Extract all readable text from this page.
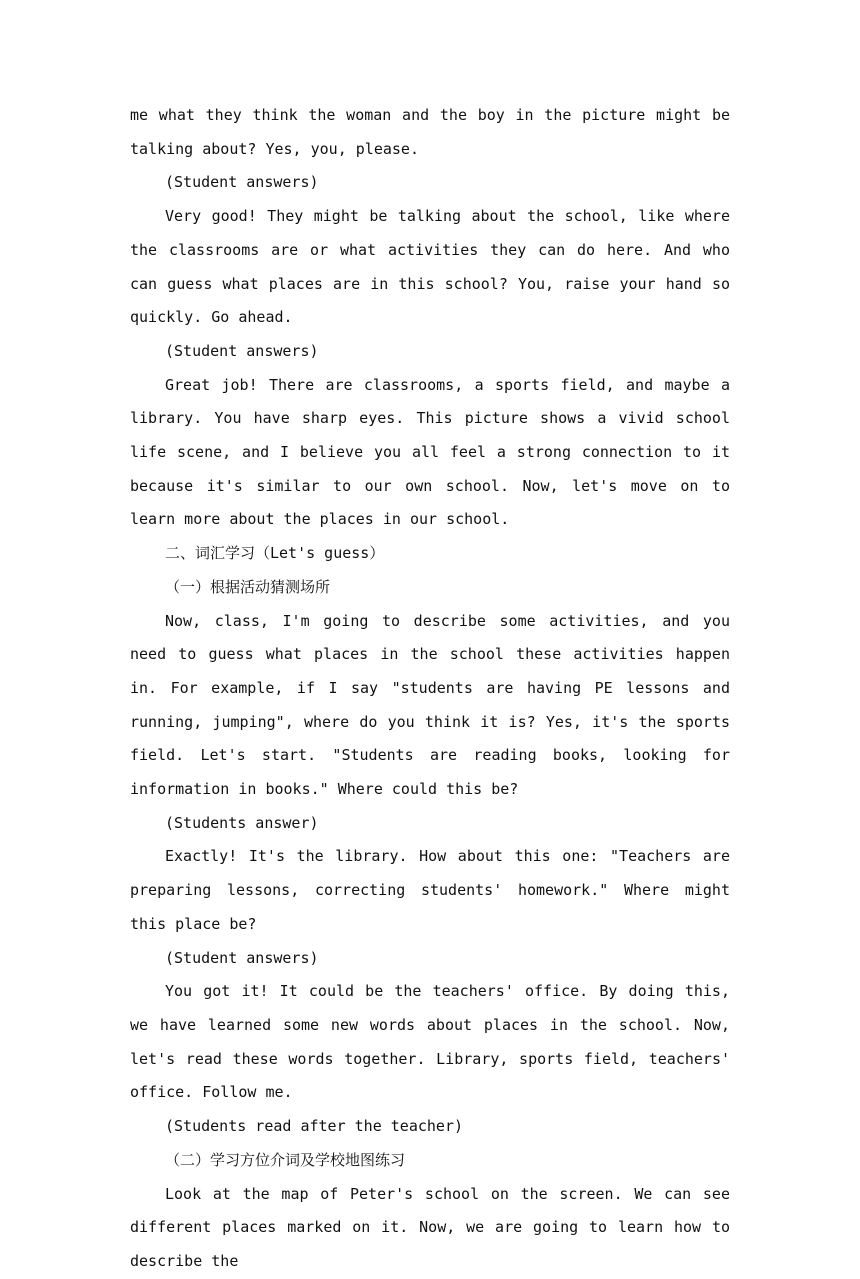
me what they think the woman and the boy in the picture might be talking about? Yes, you, please.

(Student answers)

Very good! They might be talking about the school, like where the classrooms are or what activities they can do here. And who can guess what places are in this school? You, raise your hand so quickly. Go ahead.

(Student answers)

Great job! There are classrooms, a sports field, and maybe a library. You have sharp eyes. This picture shows a vivid school life scene, and I believe you all feel a strong connection to it because it's similar to our own school. Now, let's move on to learn more about the places in our school.

二、词汇学习（Let's guess）

（一）根据活动猜测场所

Now, class, I'm going to describe some activities, and you need to guess what places in the school these activities happen in. For example, if I say "students are having PE lessons and running, jumping", where do you think it is? Yes, it's the sports field. Let's start. "Students are reading books, looking for information in books." Where could this be?

(Students answer)

Exactly! It's the library. How about this one: "Teachers are preparing lessons, correcting students' homework." Where might this place be?

(Student answers)

You got it! It could be the teachers' office. By doing this, we have learned some new words about places in the school. Now, let's read these words together. Library, sports field, teachers' office. Follow me.

(Students read after the teacher)

（二）学习方位介词及学校地图练习

Look at the map of Peter's school on the screen. We can see different places marked on it. Now, we are going to learn how to describe the
